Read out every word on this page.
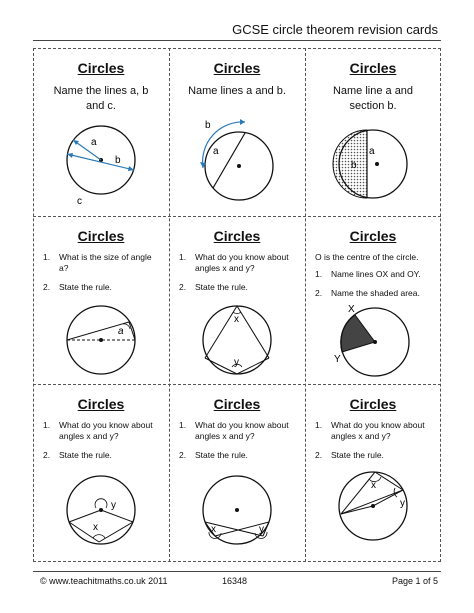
GCSE circle theorem revision cards
Circles
Name the lines a, b and c.
a
b
c
Circles
Name lines a and b.
a
b
Circles
Name line a and section b.
a
b
Circles
1.	What is the size of angle a?
2.	State the rule.
a
Circles
1.	What do you know about angles x and y?
2.	State the rule.
x
y
Circles
O is the centre of the circle.
1.	Name lines OX and OY.
2.	Name the shaded area.
X
Y
Circles
1.	What do you know about angles x and y?
2.	State the rule.
y
x
Circles
1.	What do you know about angles x and y?
2.	State the rule.
x	y
Circles
1.	What do you know about angles x and y?
2.	State the rule.
x
y
© www.teachitmaths.co.uk 2011	16348	Page 1 of 5
